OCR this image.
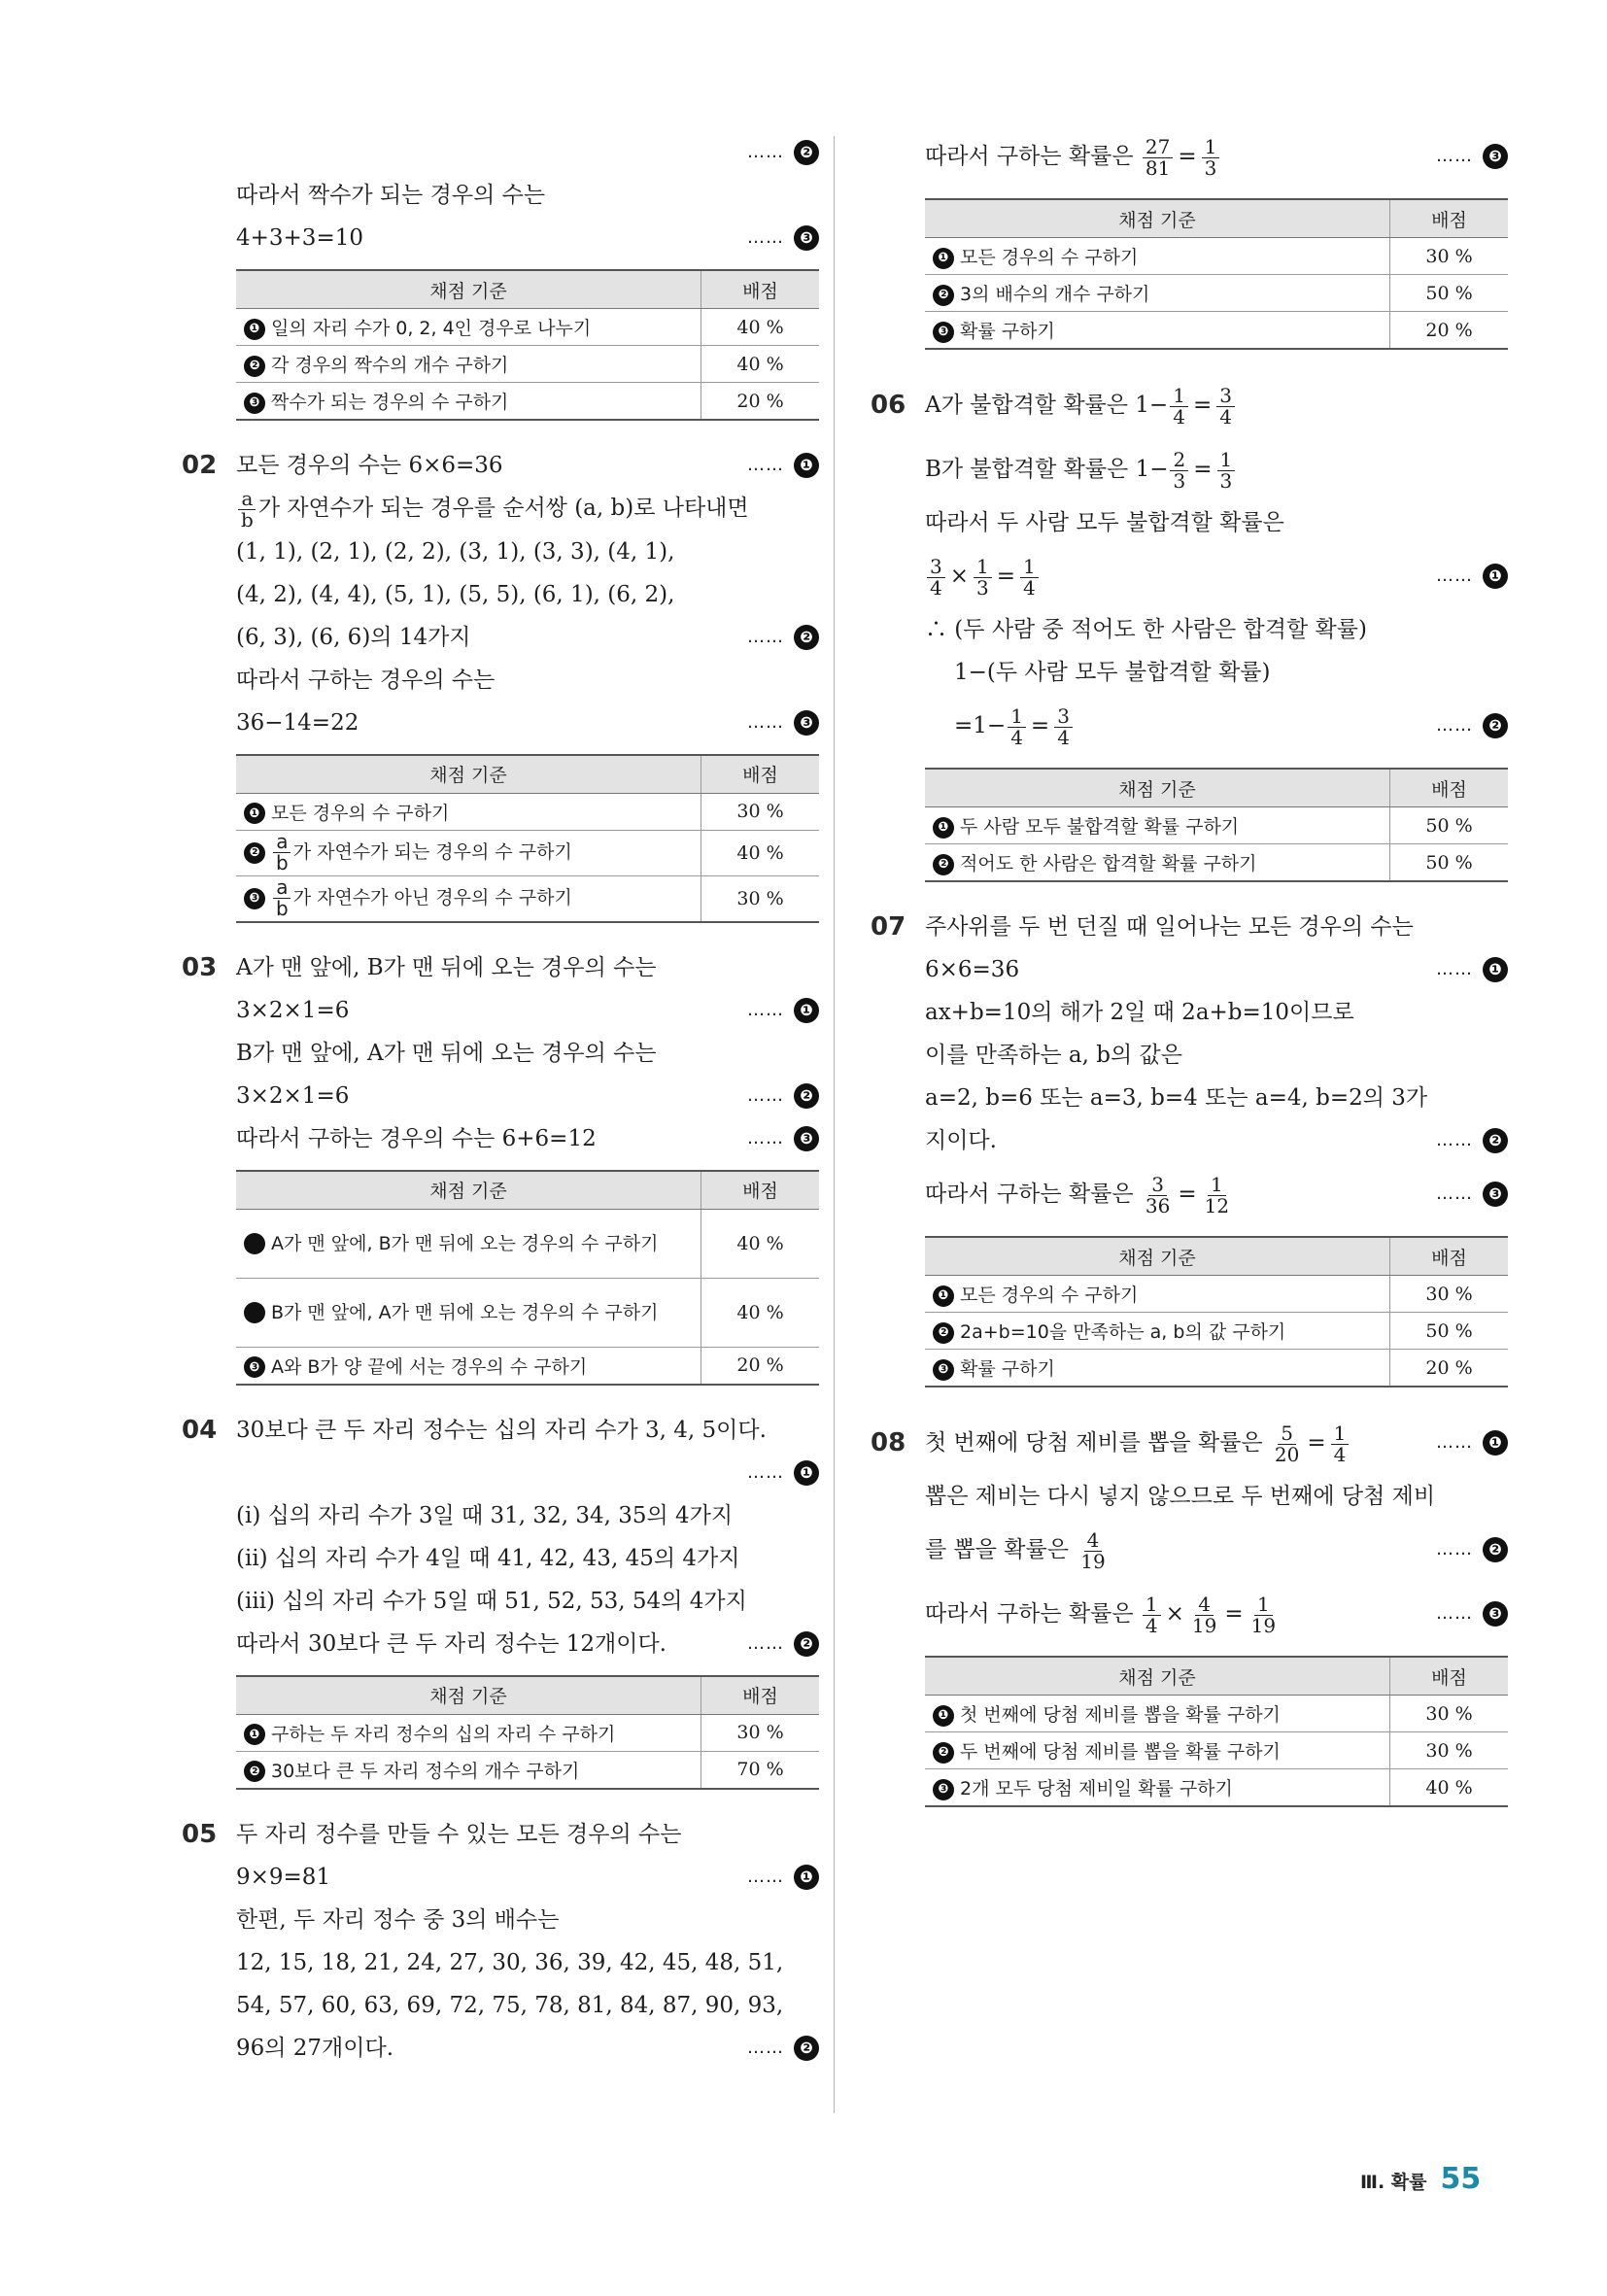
……	❷
따라서 짝수가 되는 경우의 수는
4+3+3=10	……	❸
채점 기준	배점
❶ 일의 자리 수가 0, 2, 4인 경우로 나누기	40 %
❷ 각 경우의 짝수의 개수 구하기	40 %
❸ 짝수가 되는 경우의 수 구하기	20 %
02 모든 경우의 수는 6×6=36	……	❶
$\frac{a}{b}$ 가 자연수가 되는 경우를 순서쌍 (a, b)로 나타내면
(1, 1), (2, 1), (2, 2), (3, 1), (3, 3), (4, 1),
(4, 2), (4, 4), (5, 1), (5, 5), (6, 1), (6, 2),
(6, 3), (6, 6)의 14가지	……	❷
따라서 구하는 경우의 수는
36−14=22	……	❸
채점 기준	배점
❶ 모든 경우의 수 구하기	30 %
❷ $\frac{a}{b}$ 가 자연수가 되는 경우의 수 구하기	40 %
❸ $\frac{a}{b}$ 가 자연수가 아닌 경우의 수 구하기	30 %
03 A가 맨 앞에, B가 맨 뒤에 오는 경우의 수는
3×2×1=6	……	❶
B가 맨 앞에, A가 맨 뒤에 오는 경우의 수는
3×2×1=6	……	❷
따라서 구하는 경우의 수는 6+6=12	……	❸
채점 기준	배점
❶ A가 맨 앞에, B가 맨 뒤에 오는 경우의 수 구하기	40 %
❷ B가 맨 앞에, A가 맨 뒤에 오는 경우의 수 구하기	40 %
❸ A와 B가 양 끝에 서는 경우의 수 구하기	20 %
04 30보다 큰 두 자리 정수는 십의 자리 수가 3, 4, 5이다.
……	❶
(ⅰ) 십의 자리 수가 3일 때 31, 32, 34, 35의 4가지
(ⅱ) 십의 자리 수가 4일 때 41, 42, 43, 45의 4가지
(ⅲ) 십의 자리 수가 5일 때 51, 52, 53, 54의 4가지
따라서 30보다 큰 두 자리 정수는 12개이다.	……	❷
채점 기준	배점
❶ 구하는 두 자리 정수의 십의 자리 수 구하기	30 %
❷ 30보다 큰 두 자리 정수의 개수 구하기	70 %
05 두 자리 정수를 만들 수 있는 모든 경우의 수는
9×9=81	……	❶
한편, 두 자리 정수 중 3의 배수는
12, 15, 18, 21, 24, 27, 30, 36, 39, 42, 45, 48, 51,
54, 57, 60, 63, 69, 72, 75, 78, 81, 84, 87, 90, 93,
96의 27개이다.	……	❷
따라서 구하는 확률은 $\frac{27}{81} = \frac{1}{3}$	……	❸
채점 기준	배점
❶ 모든 경우의 수 구하기	30 %
❷ 3의 배수의 개수 구하기	50 %
❸ 확률 구하기	20 %
06 A가 불합격할 확률은 $1- \frac{1}{4} = \frac{3}{4}$
B가 불합격할 확률은 $1- \frac{2}{3} = \frac{1}{3}$
따라서 두 사람 모두 불합격할 확률은
$\frac{3}{4} \times \frac{1}{3} = \frac{1}{4}$	……	❶
∴ (두 사람 중 적어도 한 사람은 합격할 확률)
1−(두 사람 모두 불합격할 확률)
$=1- \frac{1}{4} = \frac{3}{4}$	……	❷
채점 기준	배점
❶ 두 사람 모두 불합격할 확률 구하기	50 %
❷ 적어도 한 사람은 합격할 확률 구하기	50 %
07 주사위를 두 번 던질 때 일어나는 모든 경우의 수는
6×6=36	……	❶
ax+b=10의 해가 2일 때 2a+b=10이므로
이를 만족하는 a, b의 값은
a=2, b=6 또는 a=3, b=4 또는 a=4, b=2의 3가
지이다.	……	❷
따라서 구하는 확률은 $\frac{3}{36} = \frac{1}{12}$	……	❸
채점 기준	배점
❶ 모든 경우의 수 구하기	30 %
❷ 2a+b=10을 만족하는 a, b의 값 구하기	50 %
❸ 확률 구하기	20 %
08 첫 번째에 당첨 제비를 뽑을 확률은 $\frac{5}{20} = \frac{1}{4}$	……	❶
뽑은 제비는 다시 넣지 않으므로 두 번째에 당첨 제비
를 뽑을 확률은 $\frac{4}{19}$	……	❷
따라서 구하는 확률은 $\frac{1}{4} \times \frac{4}{19} = \frac{1}{19}$	……	❸
채점 기준	배점
❶ 첫 번째에 당첨 제비를 뽑을 확률 구하기	30 %
❷ 두 번째에 당첨 제비를 뽑을 확률 구하기	30 %
❸ 2개 모두 당첨 제비일 확률 구하기	40 %
Ⅲ. 확률 55
